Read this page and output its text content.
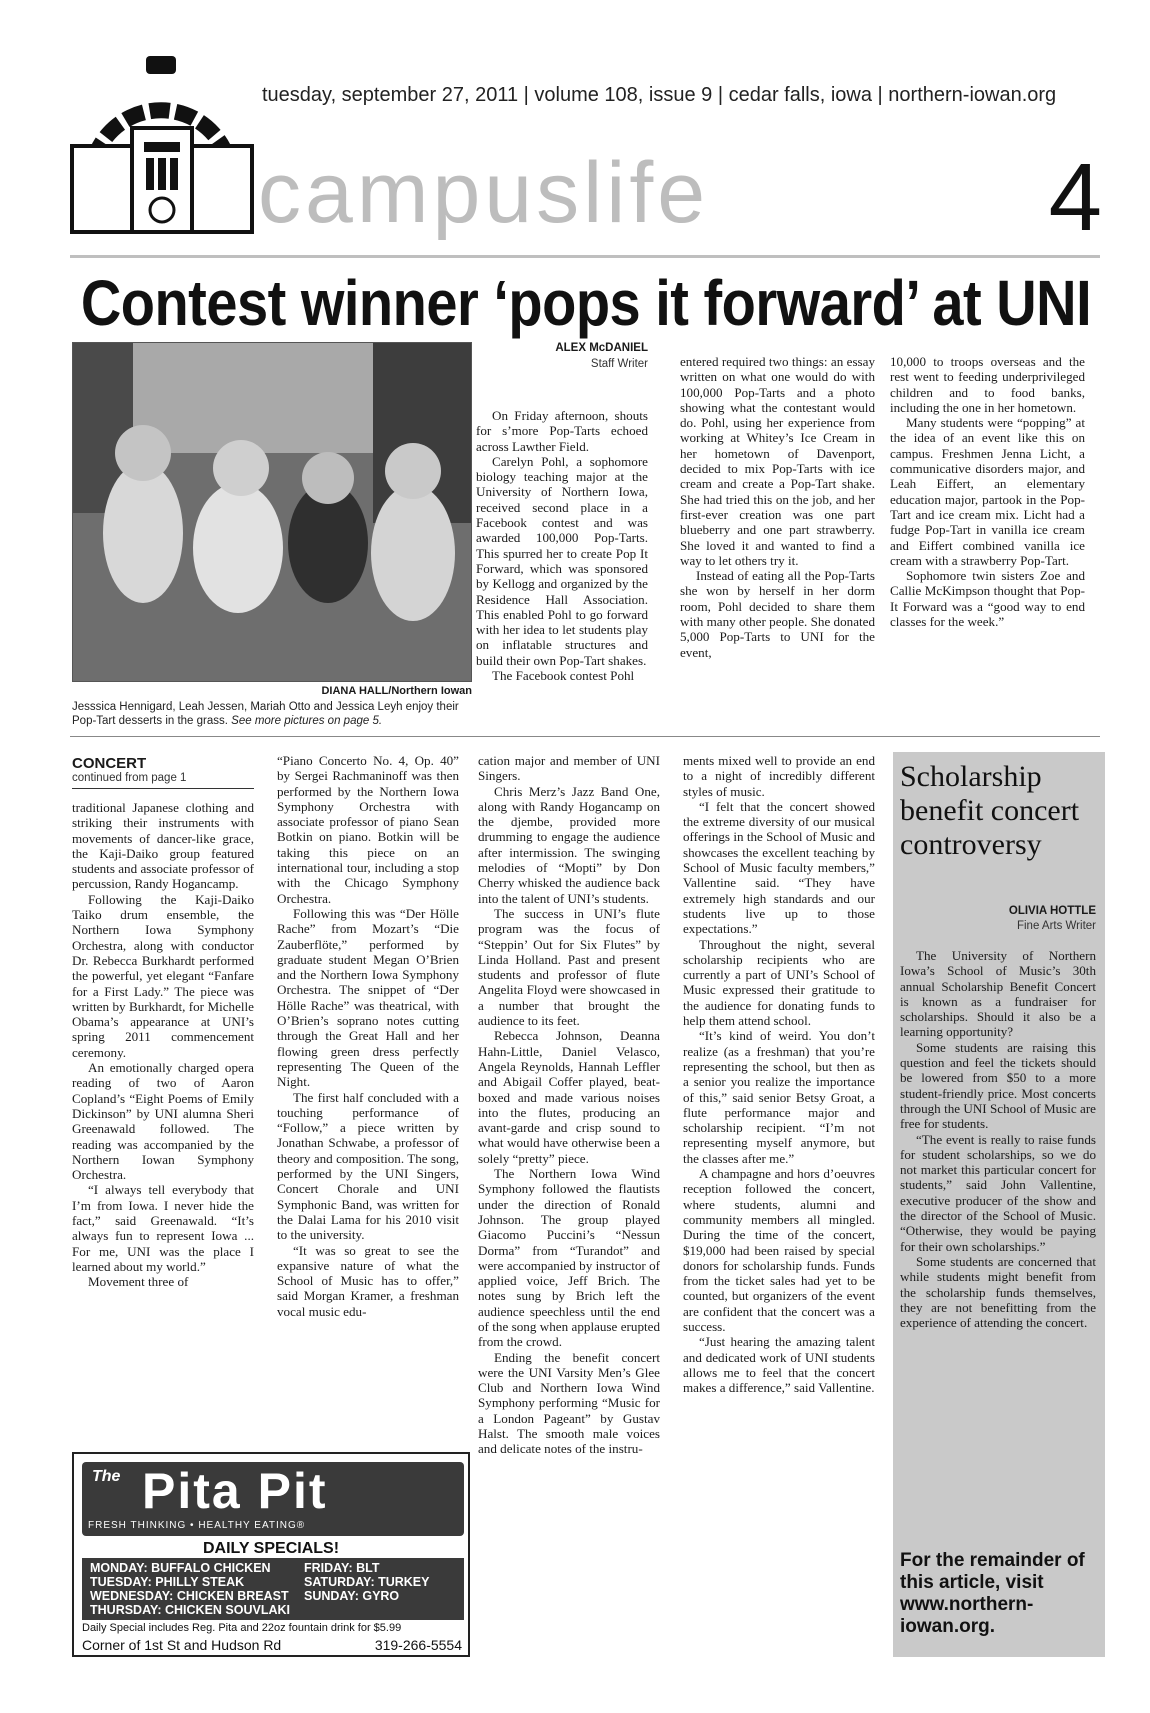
tuesday, september 27, 2011 | volume 108, issue 9 | cedar falls, iowa | northern-iowan.org
campuslife	4
Contest winner ‘pops it forward’ at UNI
DIANA HALL/Northern Iowan
Jesssica Hennigard, Leah Jessen, Mariah Otto and Jessica Leyh enjoy their Pop-Tart desserts in the grass. See more pictures on page 5.
ALEX McDANIEL
Staff Writer

On Friday afternoon, shouts for s’more Pop-Tarts echoed across Lawther Field.

Carelyn Pohl, a sophomore biology teaching major at the University of Northern Iowa, received second place in a Facebook contest and was awarded 100,000 Pop-Tarts. This spurred her to create Pop It Forward, which was sponsored by Kellogg and organized by the Residence Hall Association. This enabled Pohl to go forward with her idea to let students play on inflatable structures and build their own Pop-Tart shakes.

The Facebook contest Pohl

entered required two things: an essay written on what one would do with 100,000 Pop-Tarts and a photo showing what the contestant would do. Pohl, using her experience from working at Whitey’s Ice Cream in her hometown of Davenport, decided to mix Pop-Tarts with ice cream and create a Pop-Tart shake. She had tried this on the job, and her first-ever creation was one part blueberry and one part strawberry. She loved it and wanted to find a way to let others try it.

Instead of eating all the Pop-Tarts she won by herself in her dorm room, Pohl decided to share them with many other people. She donated 5,000 Pop-Tarts to UNI for the event,

10,000 to troops overseas and the rest went to feeding underprivileged children and to food banks, including the one in her hometown.

Many students were “popping” at the idea of an event like this on campus. Freshmen Jenna Licht, a communicative disorders major, and Leah Eiffert, an elementary education major, partook in the Pop-Tart and ice cream mix. Licht had a fudge Pop-Tart in vanilla ice cream and Eiffert combined vanilla ice cream with a strawberry Pop-Tart.

Sophomore twin sisters Zoe and Callie McKimpson thought that Pop-It Forward was a “good way to end classes for the week.”

CONCERT
continued from page 1

traditional Japanese clothing and striking their instruments with movements of dancer-like grace, the Kaji-Daiko group featured students and associate professor of percussion, Randy Hogancamp.

Following the Kaji-Daiko Taiko drum ensemble, the Northern Iowa Symphony Orchestra, along with conductor Dr. Rebecca Burkhardt performed the powerful, yet elegant “Fanfare for a First Lady.” The piece was written by Burkhardt, for Michelle Obama’s appearance at UNI’s spring 2011 commencement ceremony.

An emotionally charged opera reading of two of Aaron Copland’s “Eight Poems of Emily Dickinson” by UNI alumna Sheri Greenawald followed. The reading was accompanied by the Northern Iowan Symphony Orchestra.

“I always tell everybody that I’m from Iowa. I never hide the fact,” said Greenawald. “It’s always fun to represent Iowa ... For me, UNI was the place I learned about my world.”

Movement three of

“Piano Concerto No. 4, Op. 40” by Sergei Rachmaninoff was then performed by the Northern Iowa Symphony Orchestra with associate professor of piano Sean Botkin on piano. Botkin will be taking this piece on an international tour, including a stop with the Chicago Symphony Orchestra.

Following this was “Der Hölle Rache” from Mozart’s “Die Zauberflöte,” performed by graduate student Megan O’Brien and the Northern Iowa Symphony Orchestra. The snippet of “Der Hölle Rache” was theatrical, with O’Brien’s soprano notes cutting through the Great Hall and her flowing green dress perfectly representing The Queen of the Night.

The first half concluded with a touching performance of “Follow,” a piece written by Jonathan Schwabe, a professor of theory and composition. The song, performed by the UNI Singers, Concert Chorale and UNI Symphonic Band, was written for the Dalai Lama for his 2010 visit to the university.

“It was so great to see the expansive nature of what the School of Music has to offer,” said Morgan Kramer, a freshman vocal music edu-

cation major and member of UNI Singers.

Chris Merz’s Jazz Band One, along with Randy Hogancamp on the djembe, provided more drumming to engage the audience after intermission. The swinging melodies of “Mopti” by Don Cherry whisked the audience back into the talent of UNI’s students.

The success in UNI’s flute program was the focus of “Steppin’ Out for Six Flutes” by Linda Holland. Past and present students and professor of flute Angelita Floyd were showcased in a number that brought the audience to its feet.

Rebecca Johnson, Deanna Hahn-Little, Daniel Velasco, Angela Reynolds, Hannah Leffler and Abigail Coffer played, beat-boxed and made various noises into the flutes, producing an avant-garde and crisp sound to what would have otherwise been a solely “pretty” piece.

The Northern Iowa Wind Symphony followed the flautists under the direction of Ronald Johnson. The group played Giacomo Puccini’s “Nessun Dorma” from “Turandot” and were accompanied by instructor of applied voice, Jeff Brich. The notes sung by Brich left the audience speechless until the end of the song when applause erupted from the crowd.

Ending the benefit concert were the UNI Varsity Men’s Glee Club and Northern Iowa Wind Symphony performing “Music for a London Pageant” by Gustav Halst. The smooth male voices and delicate notes of the instru-

ments mixed well to provide an end to a night of incredibly different styles of music.

“I felt that the concert showed the extreme diversity of our musical offerings in the School of Music and showcases the excellent teaching by School of Music faculty members,” Vallentine said. “They have extremely high standards and our students live up to those expectations.”

Throughout the night, several scholarship recipients who are currently a part of UNI’s School of Music expressed their gratitude to the audience for donating funds to help them attend school.

“It’s kind of weird. You don’t realize (as a freshman) that you’re representing the school, but then as a senior you realize the importance of this,” said senior Betsy Groat, a flute performance major and scholarship recipient. “I’m not representing myself anymore, but the classes after me.”

A champagne and hors d’oeuvres reception followed the concert, where students, alumni and community members all mingled. During the time of the concert, $19,000 had been raised by special donors for scholarship funds. Funds from the ticket sales had yet to be counted, but organizers of the event are confident that the concert was a success.

“Just hearing the amazing talent and dedicated work of UNI students allows me to feel that the concert makes a difference,” said Vallentine.

Scholarship benefit concert controversy
OLIVIA HOTTLE
Fine Arts Writer

The University of Northern Iowa’s School of Music’s 30th annual Scholarship Benefit Concert is known as a fundraiser for scholarships. Should it also be a learning opportunity?

Some students are raising this question and feel the tickets should be lowered from $50 to a more student-friendly price. Most concerts through the UNI School of Music are free for students.

“The event is really to raise funds for student scholarships, so we do not market this particular concert for students,” said John Vallentine, executive producer of the show and the director of the School of Music. “Otherwise, they would be paying for their own scholarships.”

Some students are concerned that while students might benefit from the scholarship funds themselves, they are not benefitting from the experience of attending the concert.

For the remainder of this article, visit www.northern-iowan.org.
The Pita Pit
FRESH THINKING • HEALTHY EATING®
DAILY SPECIALS!
MONDAY: BUFFALO CHICKEN
TUESDAY: PHILLY STEAK
WEDNESDAY: CHICKEN BREAST
THURSDAY: CHICKEN SOUVLAKI
FRIDAY: BLT
SATURDAY: TURKEY
SUNDAY: GYRO
Daily Special includes Reg. Pita and 22oz fountain drink for $5.99
Corner of 1st St and Hudson Rd	319-266-5554
